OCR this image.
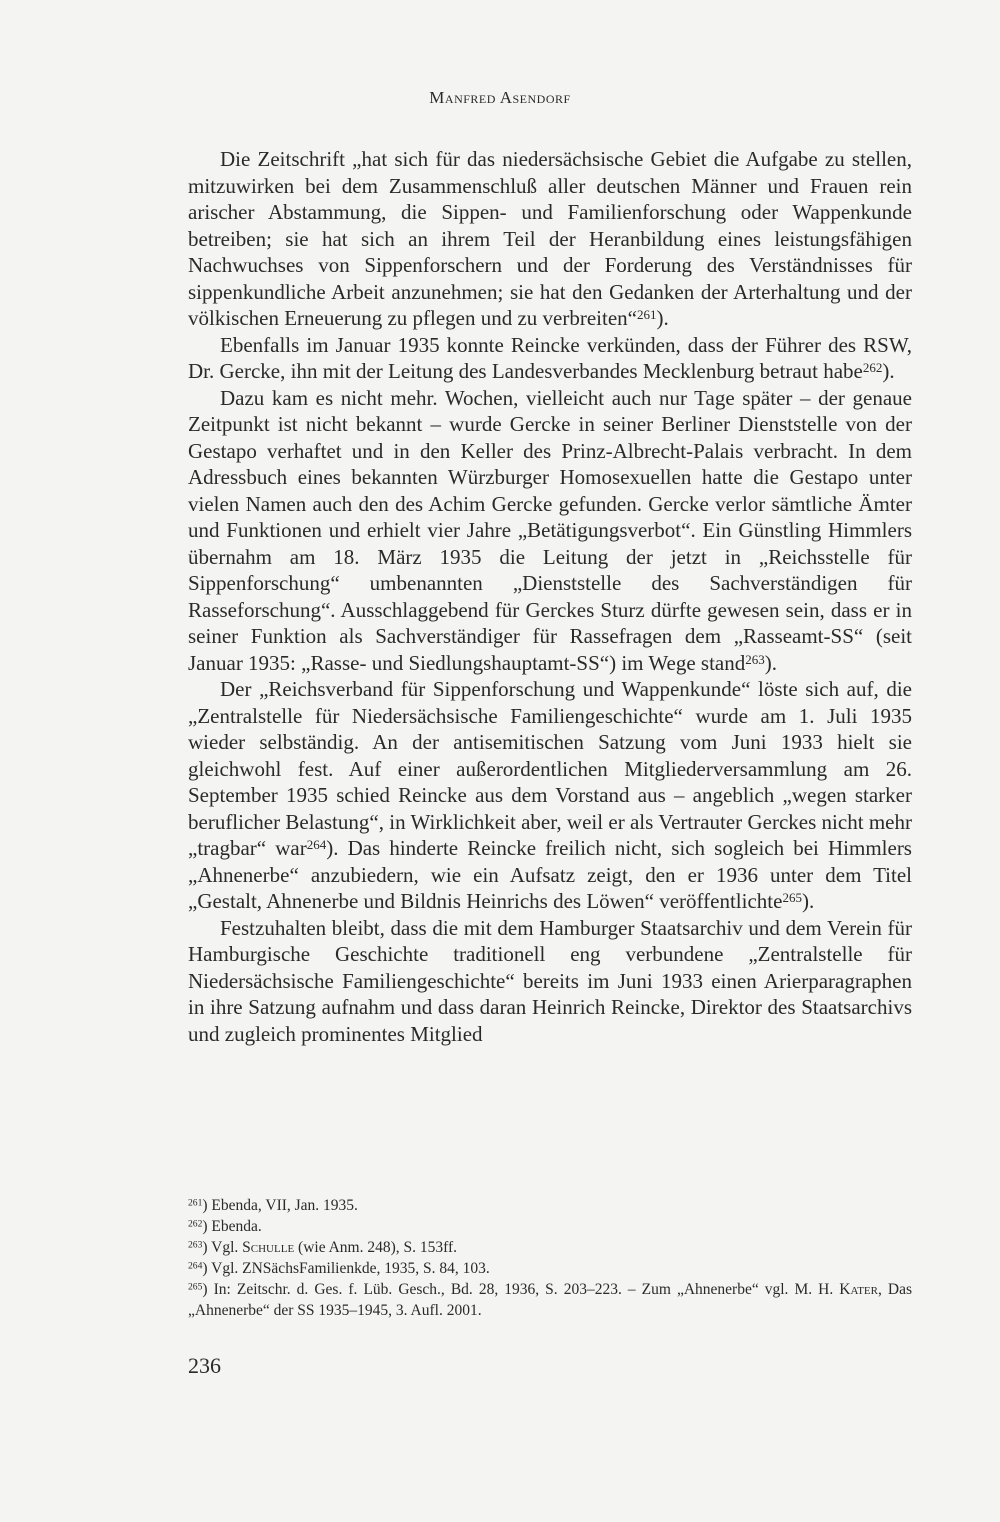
Manfred Asendorf

Die Zeitschrift „hat sich für das niedersächsische Gebiet die Aufgabe zu stellen, mitzuwirken bei dem Zusammenschluß aller deutschen Männer und Frauen rein arischer Abstammung, die Sippen- und Familienforschung oder Wappenkunde betreiben; sie hat sich an ihrem Teil der Heranbildung eines leistungsfähigen Nachwuchses von Sippenforschern und der Forderung des Verständnisses für sippenkundliche Arbeit anzunehmen; sie hat den Gedanken der Arterhaltung und der völkischen Erneuerung zu pflegen und zu verbreiten“$^{261}$).

Ebenfalls im Januar 1935 konnte Reincke verkünden, dass der Führer des RSW, Dr. Gercke, ihn mit der Leitung des Landesverbandes Mecklenburg betraut habe$^{262}$).

Dazu kam es nicht mehr. Wochen, vielleicht auch nur Tage später – der genaue Zeitpunkt ist nicht bekannt – wurde Gercke in seiner Berliner Dienststelle von der Gestapo verhaftet und in den Keller des Prinz-Albrecht-Palais verbracht. In dem Adressbuch eines bekannten Würzburger Homosexuellen hatte die Gestapo unter vielen Namen auch den des Achim Gercke gefunden. Gercke verlor sämtliche Ämter und Funktionen und erhielt vier Jahre „Betätigungsverbot“. Ein Günstling Himmlers übernahm am 18. März 1935 die Leitung der jetzt in „Reichsstelle für Sippenforschung“ umbenannten „Dienststelle des Sachverständigen für Rasseforschung“. Ausschlaggebend für Gerckes Sturz dürfte gewesen sein, dass er in seiner Funktion als Sachverständiger für Rassefragen dem „Rasseamt-SS“ (seit Januar 1935: „Rasse- und Siedlungshauptamt-SS“) im Wege stand$^{263}$).

Der „Reichsverband für Sippenforschung und Wappenkunde“ löste sich auf, die „Zentralstelle für Niedersächsische Familiengeschichte“ wurde am 1. Juli 1935 wieder selbständig. An der antisemitischen Satzung vom Juni 1933 hielt sie gleichwohl fest. Auf einer außerordentlichen Mitgliederversammlung am 26. September 1935 schied Reincke aus dem Vorstand aus – angeblich „wegen starker beruflicher Belastung“, in Wirklichkeit aber, weil er als Vertrauter Gerckes nicht mehr „tragbar“ war$^{264}$). Das hinderte Reincke freilich nicht, sich sogleich bei Himmlers „Ahnenerbe“ anzubiedern, wie ein Aufsatz zeigt, den er 1936 unter dem Titel „Gestalt, Ahnenerbe und Bildnis Heinrichs des Löwen“ veröffentlichte$^{265}$).

Festzuhalten bleibt, dass die mit dem Hamburger Staatsarchiv und dem Verein für Hamburgische Geschichte traditionell eng verbundene „Zentralstelle für Niedersächsische Familiengeschichte“ bereits im Juni 1933 einen Arierparagraphen in ihre Satzung aufnahm und dass daran Heinrich Reincke, Direktor des Staatsarchivs und zugleich prominentes Mitglied

$^{261}$) Ebenda, VII, Jan. 1935.

$^{262}$) Ebenda.

$^{263}$) Vgl. Schulle (wie Anm. 248), S. 153ff.

$^{264}$) Vgl. ZNSächsFamilienkde, 1935, S. 84, 103.

$^{265}$) In: Zeitschr. d. Ges. f. Lüb. Gesch., Bd. 28, 1936, S. 203–223. – Zum „Ahnenerbe“ vgl. M. H. Kater, Das „Ahnenerbe“ der SS 1935–1945, 3. Aufl. 2001.

236
